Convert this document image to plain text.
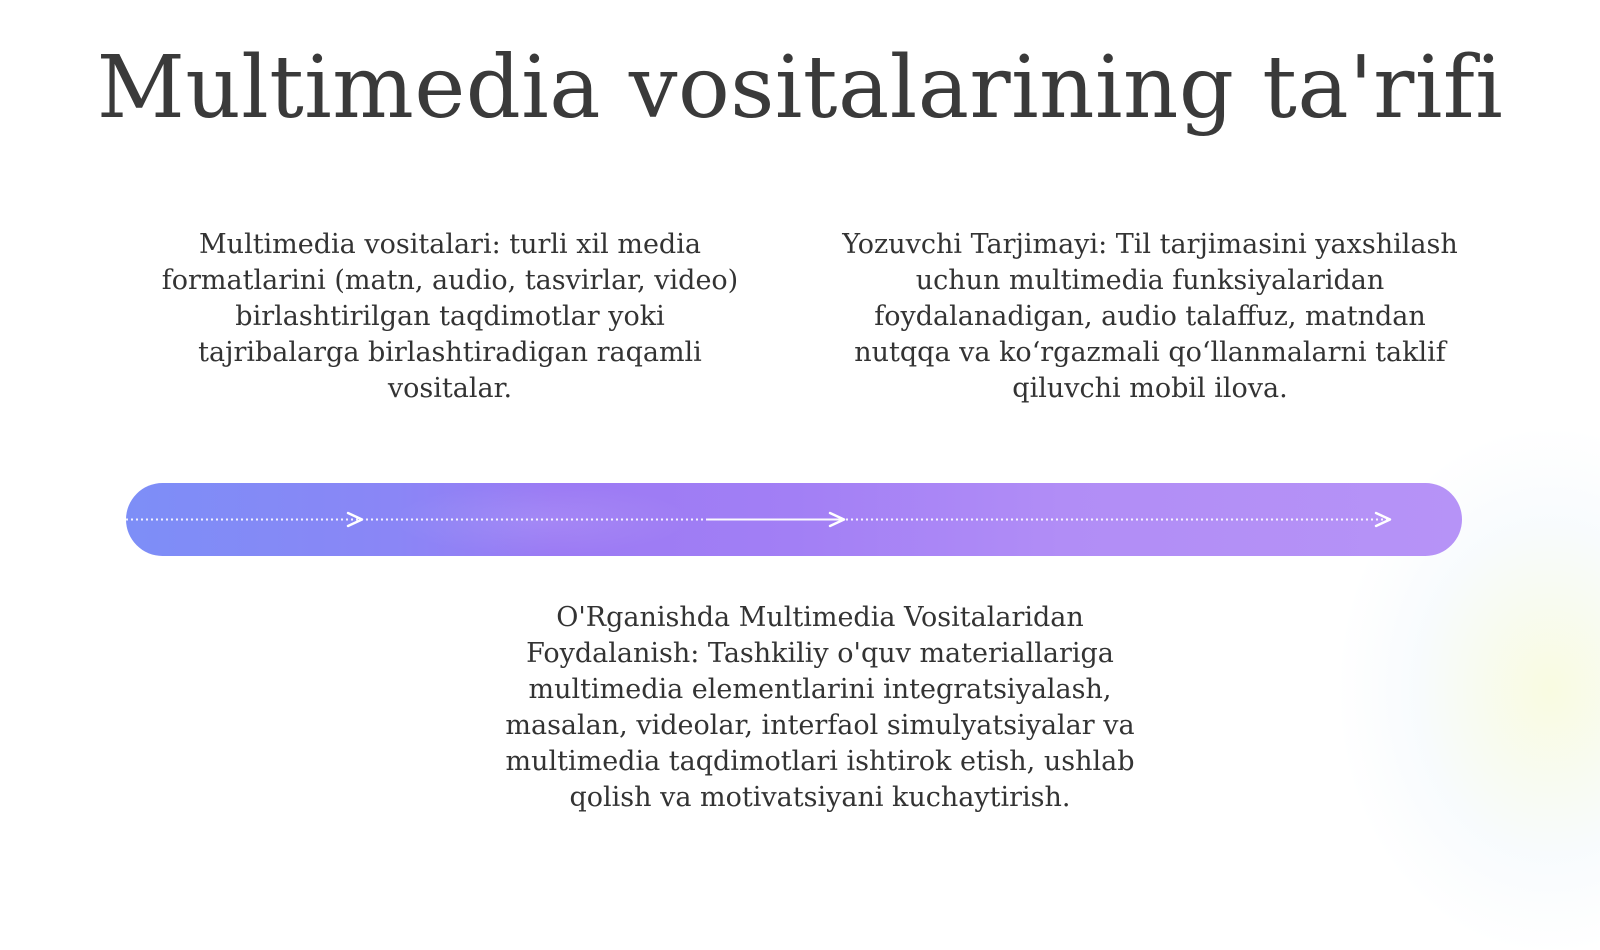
Multimedia vositalarining ta'rifi

Multimedia vositalari: turli xil media formatlarini (matn, audio, tasvirlar, video) birlashtirilgan taqdimotlar yoki tajribalarga birlashtiradigan raqamli vositalar.

Yozuvchi Tarjimayi: Til tarjimasini yaxshilash uchun multimedia funksiyalaridan foydalanadigan, audio talaffuz, matndan nutqqa va ko‘rgazmali qo‘llanmalarni taklif qiluvchi mobil ilova.

O'Rganishda Multimedia Vositalaridan Foydalanish: Tashkiliy o'quv materiallariga multimedia elementlarini integratsiyalash, masalan, videolar, interfaol simulyatsiyalar va multimedia taqdimotlari ishtirok etish, ushlab qolish va motivatsiyani kuchaytirish.
